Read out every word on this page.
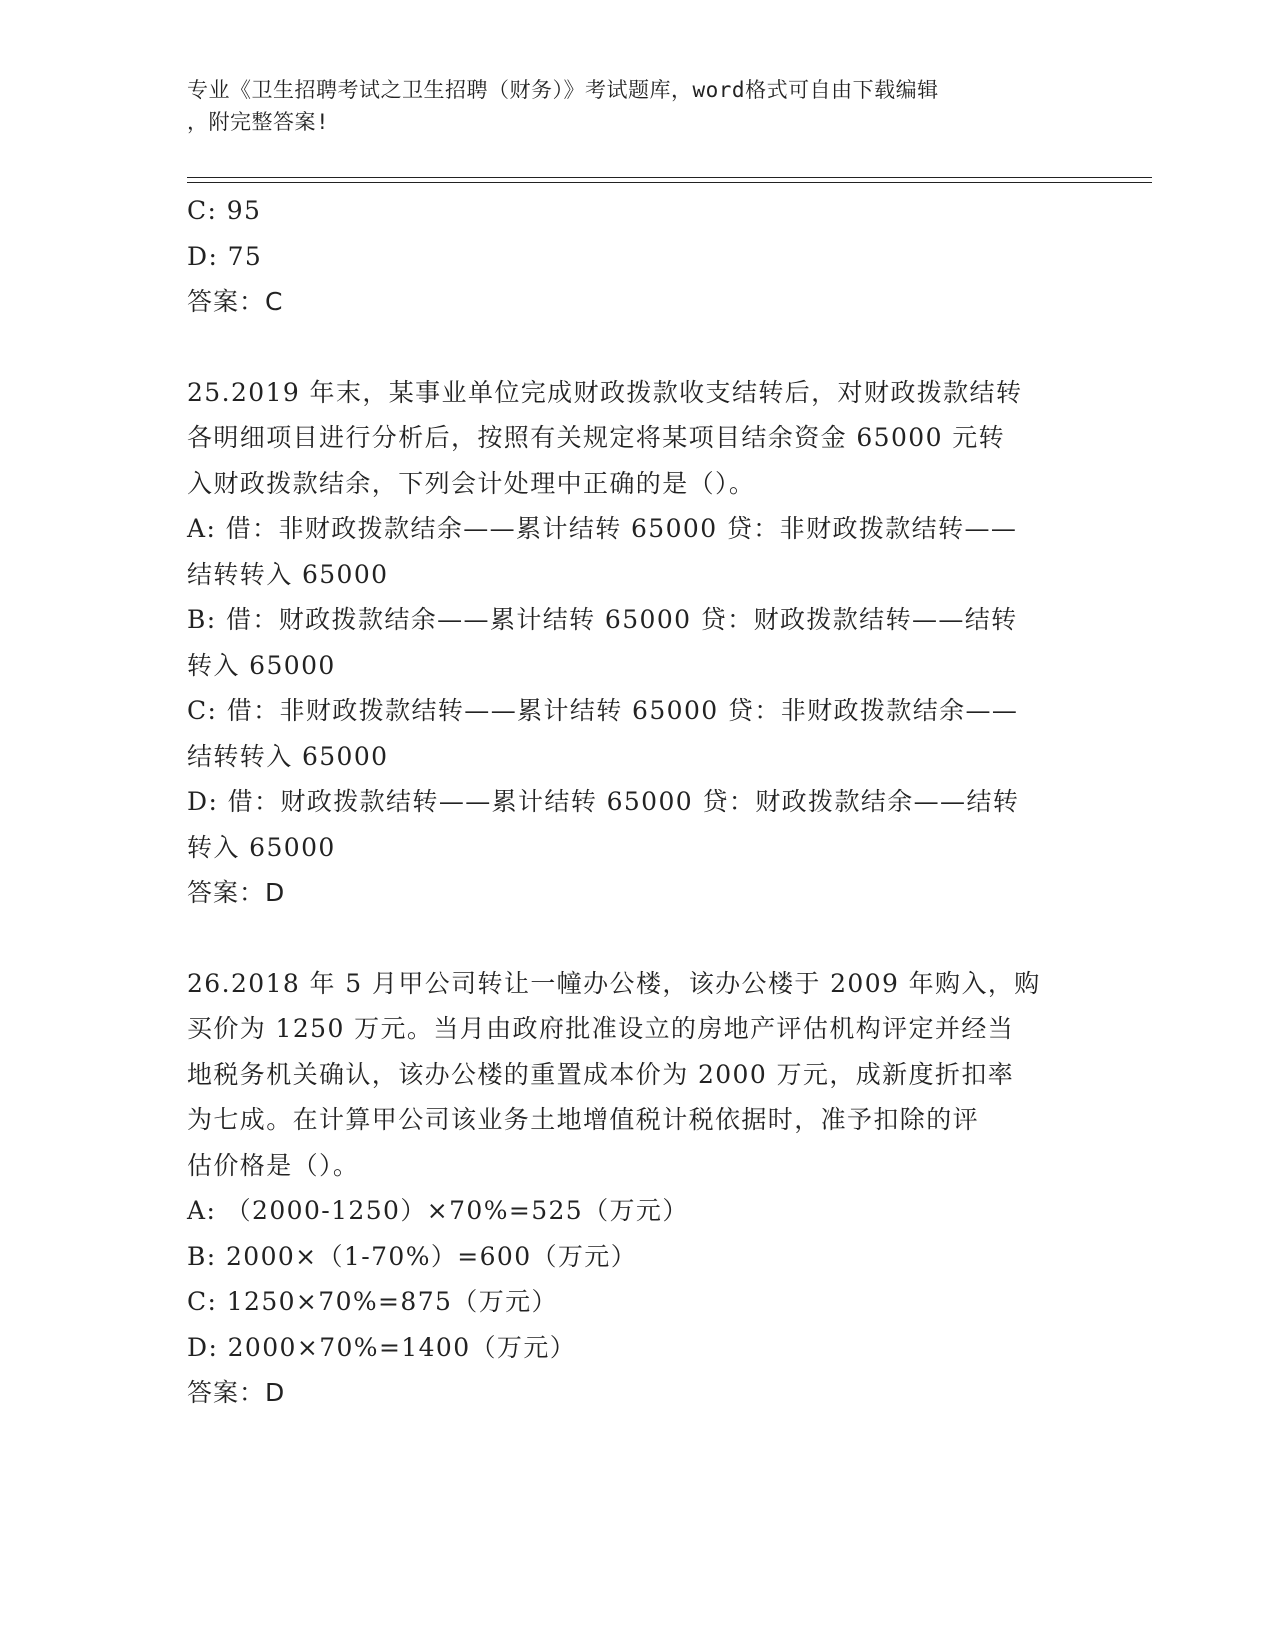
专业《卫生招聘考试之卫生招聘（财务）》考试题库，word格式可自由下载编辑
，附完整答案!
C: 95
D: 75
答案：C
25.2019 年末，某事业单位完成财政拨款收支结转后，对财政拨款结转
各明细项目进行分析后，按照有关规定将某项目结余资金 65000 元转
入财政拨款结余，下列会计处理中正确的是（）。
A: 借：非财政拨款结余——累计结转 65000 贷：非财政拨款结转——
结转转入 65000
B: 借：财政拨款结余——累计结转 65000 贷：财政拨款结转——结转
转入 65000
C: 借：非财政拨款结转——累计结转 65000 贷：非财政拨款结余——
结转转入 65000
D: 借：财政拨款结转——累计结转 65000 贷：财政拨款结余——结转
转入 65000
答案：D
26.2018 年 5 月甲公司转让一幢办公楼，该办公楼于 2009 年购入，购
买价为 1250 万元。当月由政府批准设立的房地产评估机构评定并经当
地税务机关确认，该办公楼的重置成本价为 2000 万元，成新度折扣率
为七成。在计算甲公司该业务土地增值税计税依据时，准予扣除的评
估价格是（）。
A: （2000-1250）×70%=525（万元）
B: 2000×（1-70%）=600（万元）
C: 1250×70%=875（万元）
D: 2000×70%=1400（万元）
答案：D
